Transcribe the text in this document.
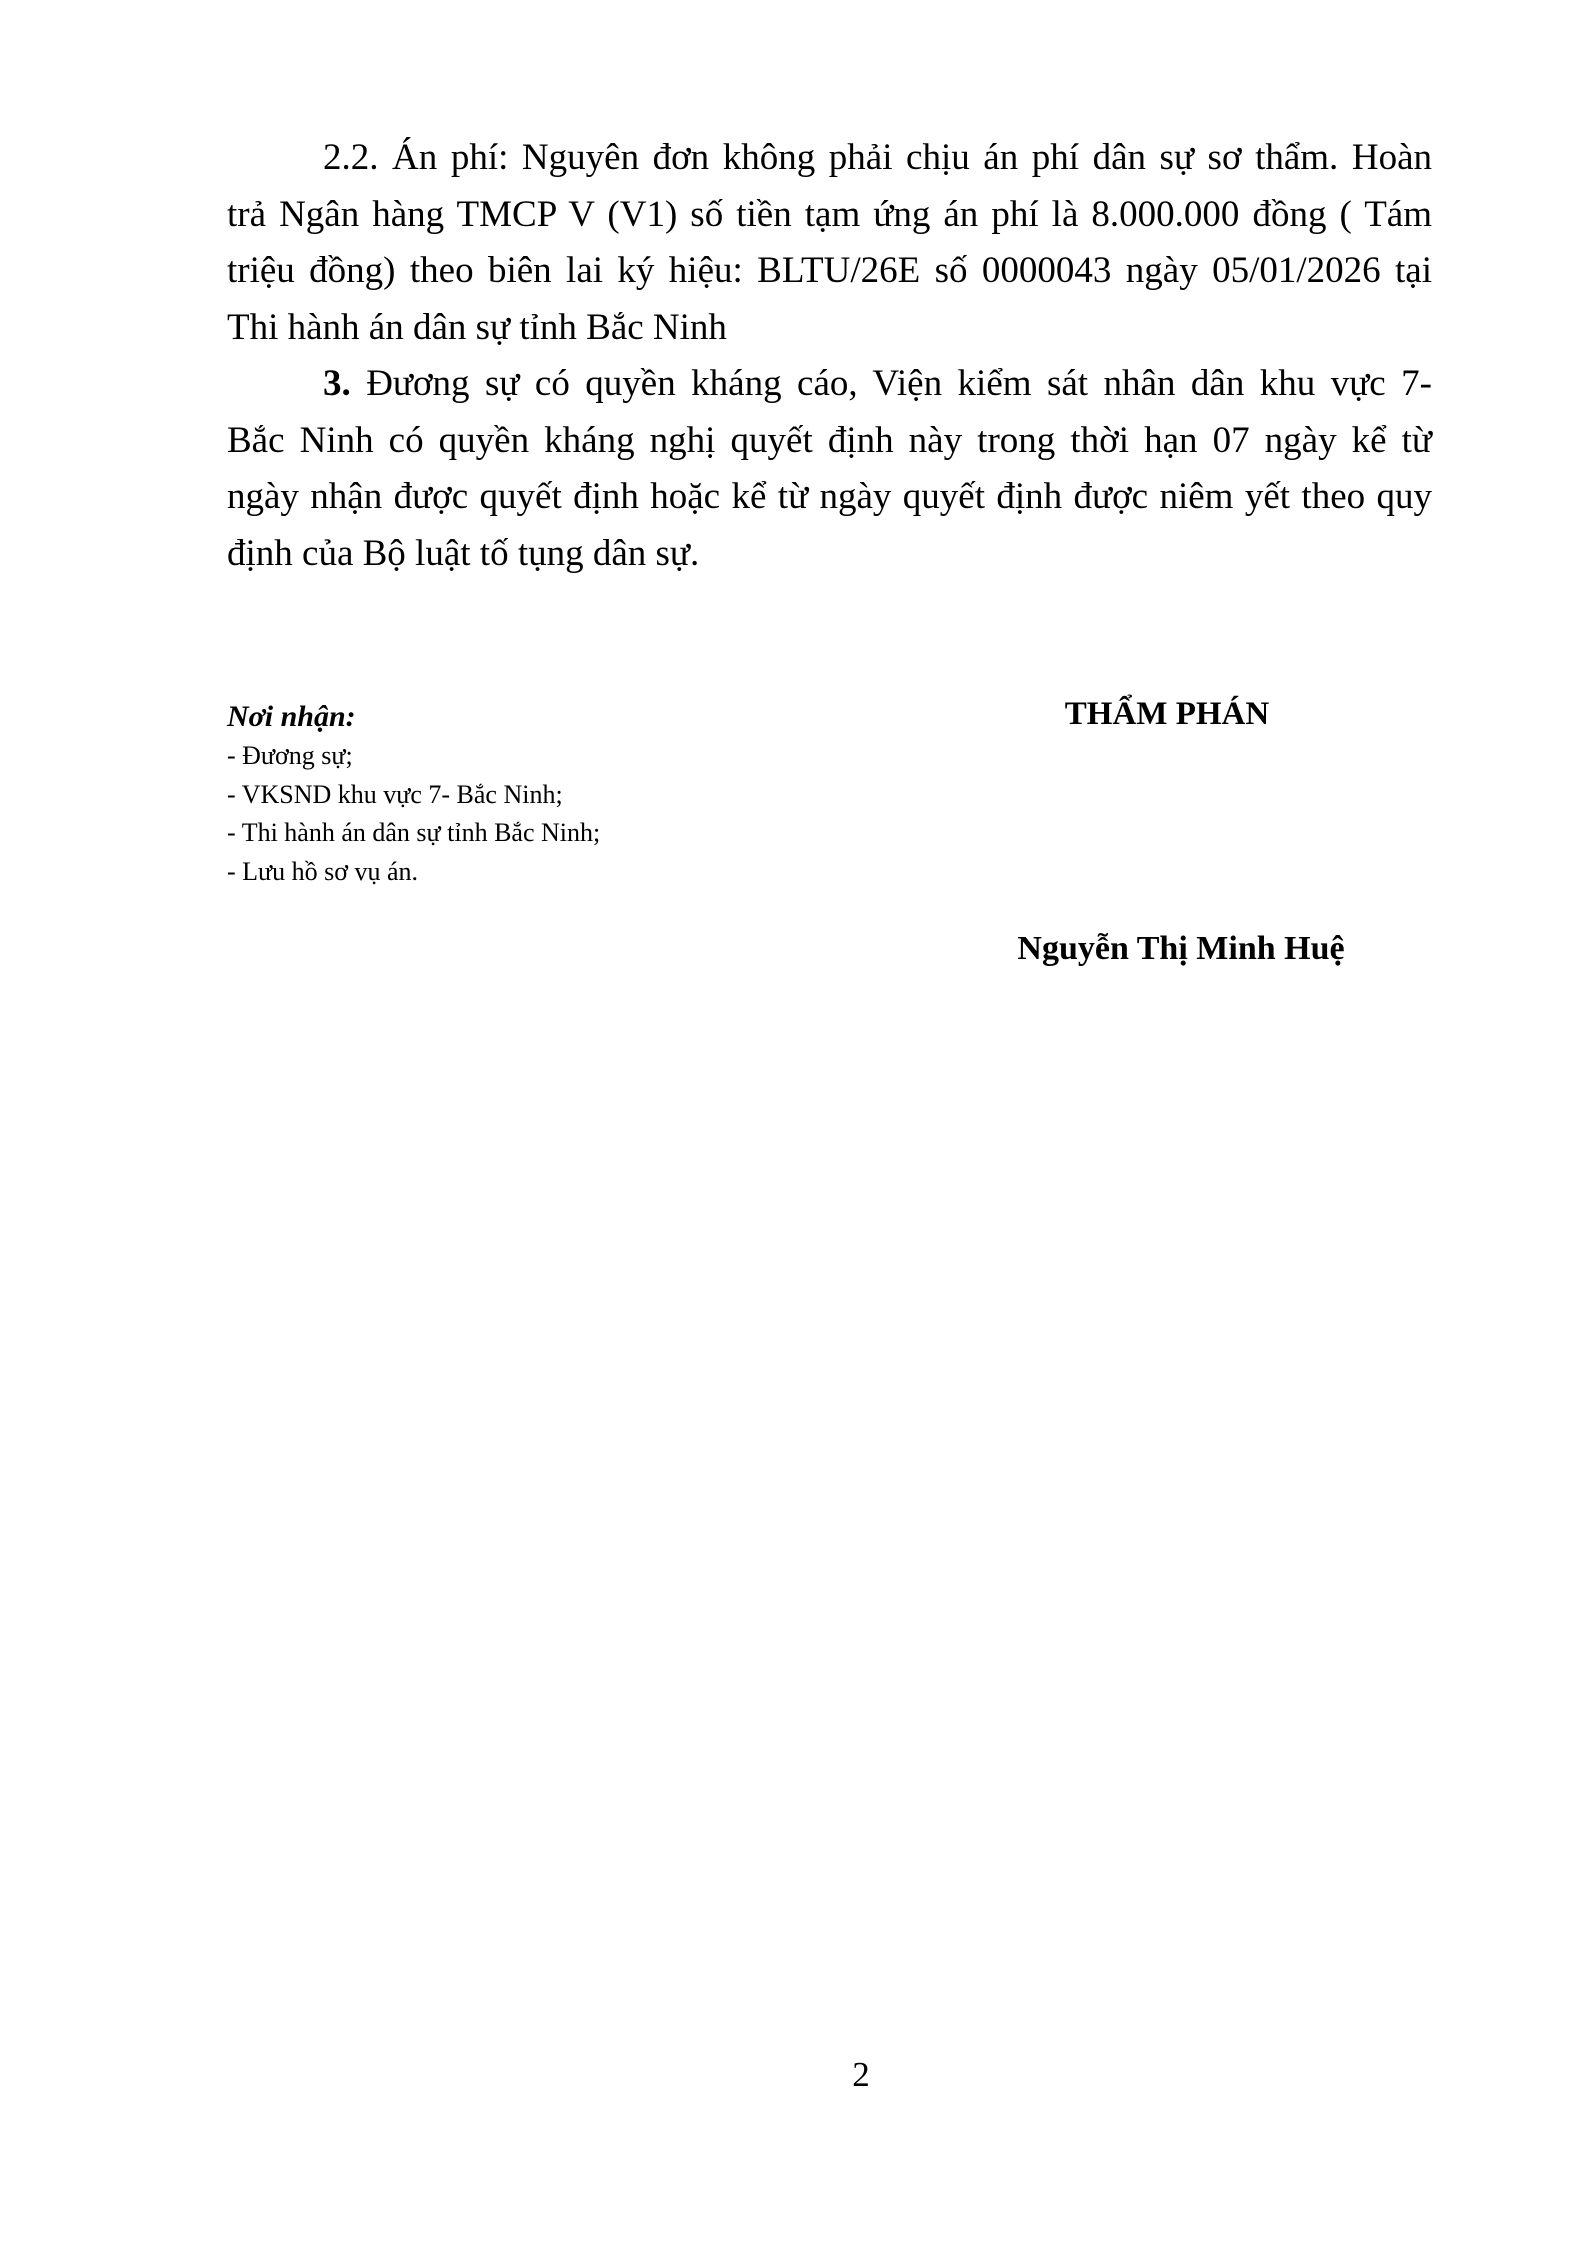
2.2. Án phí: Nguyên đơn không phải chịu án phí dân sự sơ thẩm. Hoàn
trả Ngân hàng TMCP V (V1) số tiền tạm ứng án phí là 8.000.000 đồng ( Tám
triệu đồng) theo biên lai ký hiệu: BLTU/26E số 0000043 ngày 05/01/2026 tại
Thi hành án dân sự tỉnh Bắc Ninh
3. Đương sự có quyền kháng cáo, Viện kiểm sát nhân dân khu vực 7-
Bắc Ninh có quyền kháng nghị quyết định này trong thời hạn 07 ngày kể từ
ngày nhận được quyết định hoặc kể từ ngày quyết định được niêm yết theo quy
định của Bộ luật tố tụng dân sự.
Nơi nhận:
- Đương sự;
- VKSND khu vực 7- Bắc Ninh;
- Thi hành án dân sự tỉnh Bắc Ninh;
- Lưu hồ sơ vụ án.
THẨM PHÁN
Nguyễn Thị Minh Huệ
2
